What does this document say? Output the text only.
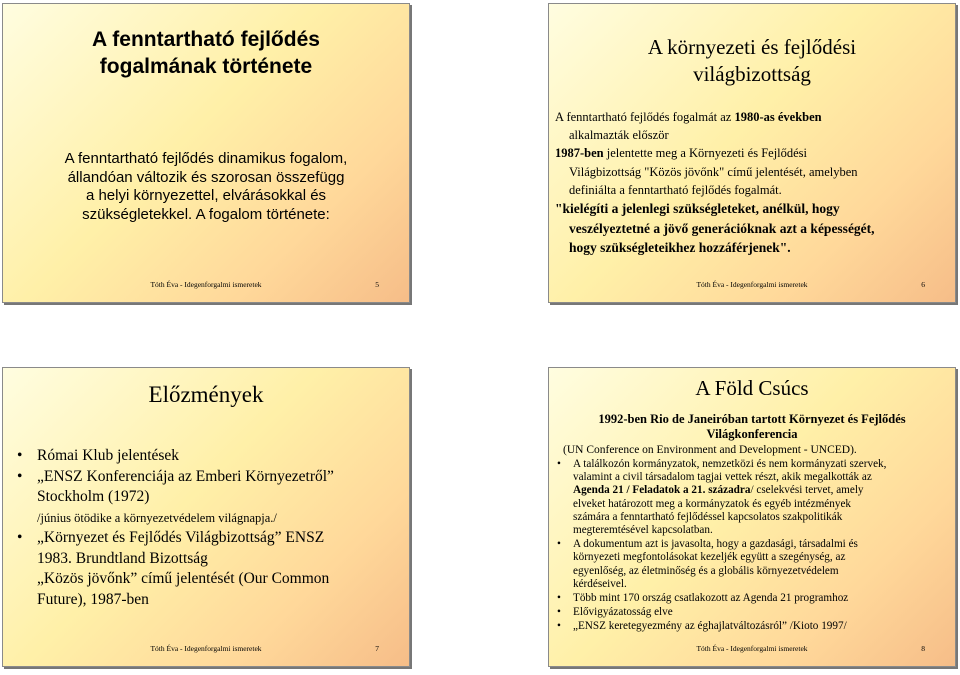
A fenntartható fejlődés
fogalmának története
A fenntartható fejlődés dinamikus fogalom,
állandóan változik és szorosan összefügg
a helyi környezettel, elvárásokkal és
szükségletekkel. A fogalom története:
Tóth Éva - Idegenforgalmi ismeretek	5
A környezeti és fejlődési
világbizottság

A fenntartható fejlődés fogalmát az 1980-as években

alkalmazták először

1987-ben jelentette meg a Környezeti és Fejlődési

Világbizottság "Közös jövőnk" című jelentését, amelyben

definiálta a fenntartható fejlődés fogalmát.

"kielégíti a jelenlegi szükségleteket, anélkül, hogy
veszélyeztetné a jövő generációknak azt a képességét,
hogy szükségleteikhez hozzáférjenek".
Tóth Éva - Idegenforgalmi ismeretek	6
Előzmények
• Római Klub jelentések
• „ENSZ Konferenciája az Emberi Környezetről”
Stockholm (1972)
/június ötödike a környezetvédelem világnapja./
• „Környezet és Fejlődés Világbizottság” ENSZ
1983. Brundtland Bizottság
„Közös jövőnk” című jelentését (Our Common
Future), 1987-ben
Tóth Éva - Idegenforgalmi ismeretek	7
A Föld Csúcs
1992-ben Rio de Janeiróban tartott Környezet és Fejlődés
Világkonferencia
(UN Conference on Environment and Development - UNCED).
• A találkozón kormányzatok, nemzetközi és nem kormányzati szervek,
valamint a civil társadalom tagjai vettek részt, akik megalkották az
Agenda 21 / Feladatok a 21. századra/ cselekvési tervet, amely
elveket határozott meg a kormányzatok és egyéb intézmények
számára a fenntartható fejlődéssel kapcsolatos szakpolitikák
megteremtésével kapcsolatban.
• A dokumentum azt is javasolta, hogy a gazdasági, társadalmi és
környezeti megfontolásokat kezeljék együtt a szegénység, az
egyenlőség, az életminőség és a globális környezetvédelem
kérdéseivel.
• Több mint 170 ország csatlakozott az Agenda 21 programhoz
• Elővigyázatosság elve
• „ENSZ keretegyezmény az éghajlatváltozásról” /Kioto 1997/
Tóth Éva - Idegenforgalmi ismeretek	8
